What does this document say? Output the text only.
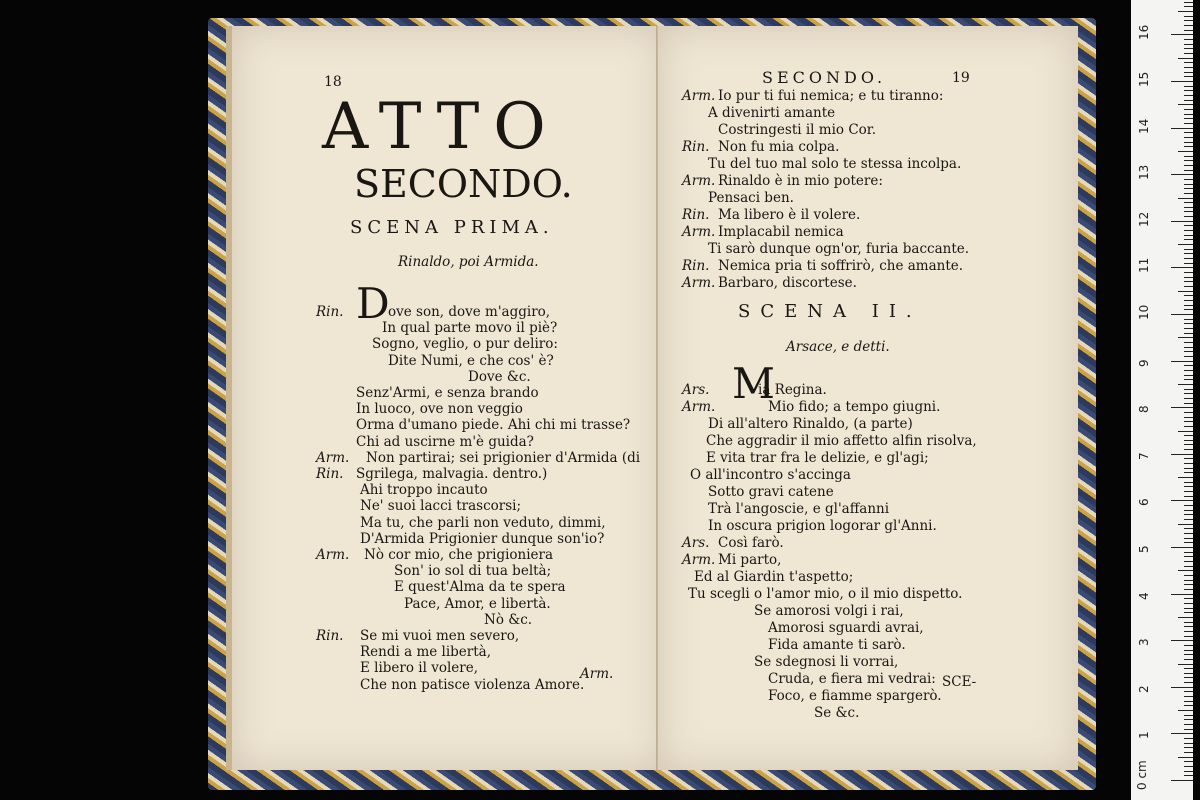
18
ATTO
SECONDO.
SCENA PRIMA.
Rinaldo, poi Armida.
D
Rin.	ove son, dove m'aggiro,
In qual parte movo il piè?
Sogno, veglio, o pur deliro:
Dite Numi, e che cos' è?
Dove &c.
Senz'Armi, e senza brando
In luoco, ove non veggio
Orma d'umano piede. Ahi chi mi trasse?
Chi ad uscirne m'è guida?
Arm. Non partirai; sei prigionier d'Armida (di
Rin. Sgrilega, malvagia. dentro.)
Ahi troppo incauto
Ne' suoi lacci trascorsi;
Ma tu, che parli non veduto, dimmi,
D'Armida Prigionier dunque son'io?
Arm. Nò cor mio, che prigioniera
Son' io sol di tua beltà;
E quest'Alma da te spera
Pace, Amor, e libertà.
Nò &c.
Rin. Se mi vuoi men severo,
Rendi a me libertà,
E libero il volere,
Che non patisce violenza Amore.
Arm.
SECONDO.	19
Arm. Io pur ti fui nemica; e tu tiranno:
A divenirti amante
Costringesti il mio Cor.
Rin. Non fu mia colpa.
Tu del tuo mal solo te stessa incolpa.
Arm. Rinaldo è in mio potere:
Pensaci ben.
Rin. Ma libero è il volere.
Arm. Implacabil nemica
Ti sarò dunque ogn'or, furia baccante.
Rin. Nemica pria ti soffrirò, che amante.
Arm. Barbaro, discortese.
SCENA II.
Arsace, e detti.
M
Ars.	ia Regina.
Arm.	Mio fido; a tempo giugni.
Di all'altero Rinaldo, (a parte)
Che aggradir il mio affetto alfin risolva,
E vita trar fra le delizie, e gl'agi;
O all'incontro s'accinga
Sotto gravi catene
Trà l'angoscie, e gl'affanni
In oscura prigion logorar gl'Anni.
Ars. Così farò.
Arm. Mi parto,
Ed al Giardin t'aspetto;
Tu scegli o l'amor mio, o il mio dispetto.
Se amorosi volgi i rai,
Amorosi sguardi avrai,
Fida amante ti sarò.
Se sdegnosi li vorrai,
Cruda, e fiera mi vedrai:
Foco, e fiamme spargerò.
Se &c.
SCE-
0 cm
1
2
3
4
5
6
7
8
9
10
11
12
13
14
15
16
